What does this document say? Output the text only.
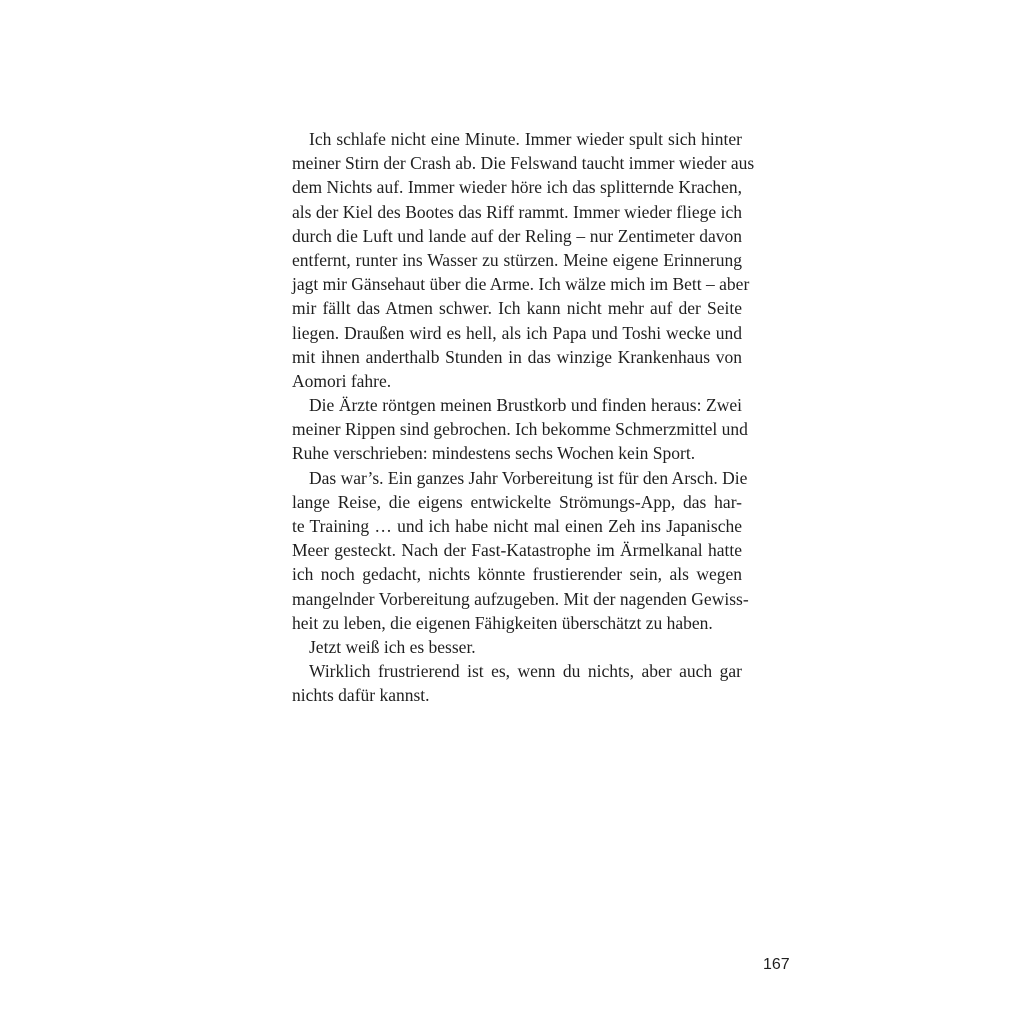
Ich schlafe nicht eine Minute. Immer wieder spult sich hinter
meiner Stirn der Crash ab. Die Felswand taucht immer wieder aus
dem Nichts auf. Immer wieder höre ich das splitternde Krachen,
als der Kiel des Bootes das Riff rammt. Immer wieder fliege ich
durch die Luft und lande auf der Reling – nur Zentimeter davon
entfernt, runter ins Wasser zu stürzen. Meine eigene Erinnerung
jagt mir Gänsehaut über die Arme. Ich wälze mich im Bett – aber
mir fällt das Atmen schwer. Ich kann nicht mehr auf der Seite
liegen. Draußen wird es hell, als ich Papa und Toshi wecke und
mit ihnen anderthalb Stunden in das winzige Krankenhaus von
Aomori fahre.
Die Ärzte röntgen meinen Brustkorb und finden heraus: Zwei
meiner Rippen sind gebrochen. Ich bekomme Schmerzmittel und
Ruhe verschrieben: mindestens sechs Wochen kein Sport.
Das war’s. Ein ganzes Jahr Vorbereitung ist für den Arsch. Die
lange Reise, die eigens entwickelte Strömungs-App, das har-
te Training … und ich habe nicht mal einen Zeh ins Japanische
Meer gesteckt. Nach der Fast-Katastrophe im Ärmelkanal hatte
ich noch gedacht, nichts könnte frustierender sein, als wegen
mangelnder Vorbereitung aufzugeben. Mit der nagenden Gewiss-
heit zu leben, die eigenen Fähigkeiten überschätzt zu haben.
Jetzt weiß ich es besser.
Wirklich frustrierend ist es, wenn du nichts, aber auch gar
nichts dafür kannst.
167
